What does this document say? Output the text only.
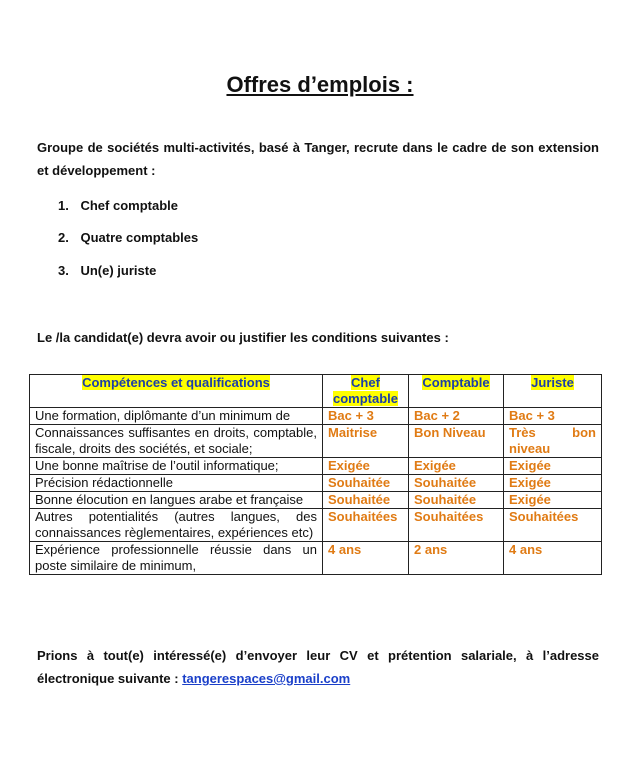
Offres d’emplois :
Groupe de sociétés multi-activités, basé à Tanger, recrute dans le cadre de son extension et développement :
1. Chef comptable
2. Quatre comptables
3. Un(e) juriste
Le /la candidat(e) devra avoir ou justifier les conditions suivantes :
Compétences et qualifications	Chef comptable	Comptable	Juriste
Une formation, diplômante d’un minimum de	Bac + 3	Bac + 2	Bac + 3
Connaissances suffisantes en droits, comptable, fiscale, droits des sociétés, et sociale;	Maitrise	Bon Niveau	Très bon niveau
Une bonne maîtrise de l’outil informatique;	Exigée	Exigée	Exigée
Précision rédactionnelle	Souhaitée	Souhaitée	Exigée
Bonne élocution en langues arabe et française	Souhaitée	Souhaitée	Exigée
Autres potentialités (autres langues, des connaissances règlementaires, expériences etc)	Souhaitées	Souhaitées	Souhaitées
Expérience professionnelle réussie dans un poste similaire de minimum,	4 ans	2 ans	4 ans
Prions à tout(e) intéressé(e) d’envoyer leur CV et prétention salariale, à l’adresse électronique suivante : tangerespaces@gmail.com
